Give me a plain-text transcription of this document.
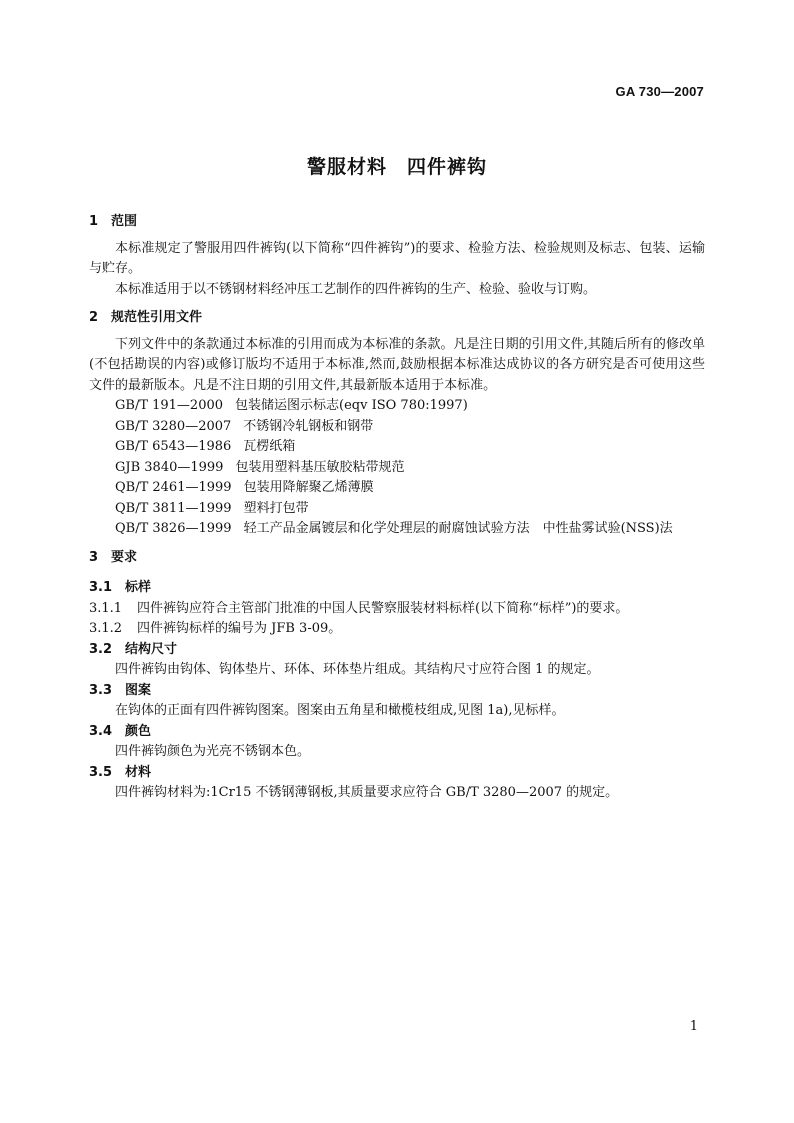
GA 730—2007
警服材料　四件裤钩
1 范围
本标准规定了警服用四件裤钩(以下简称“四件裤钩”)的要求、检验方法、检验规则及标志、包装、运输与贮存。
本标准适用于以不锈钢材料经冲压工艺制作的四件裤钩的生产、检验、验收与订购。
2 规范性引用文件
下列文件中的条款通过本标准的引用而成为本标准的条款。凡是注日期的引用文件,其随后所有的修改单(不包括勘误的内容)或修订版均不适用于本标准,然而,鼓励根据本标准达成协议的各方研究是否可使用这些文件的最新版本。凡是不注日期的引用文件,其最新版本适用于本标准。
GB/T 191—2000 包装储运图示标志(eqv ISO 780:1997)
GB/T 3280—2007 不锈钢冷轧钢板和钢带
GB/T 6543—1986 瓦楞纸箱
GJB 3840—1999 包装用塑料基压敏胶粘带规范
QB/T 2461—1999 包装用降解聚乙烯薄膜
QB/T 3811—1999 塑料打包带
QB/T 3826—1999 轻工产品金属镀层和化学处理层的耐腐蚀试验方法　中性盐雾试验(NSS)法
3 要求
3.1 标样
3.1.1 四件裤钩应符合主管部门批准的中国人民警察服装材料标样(以下简称“标样”)的要求。
3.1.2 四件裤钩标样的编号为 JFB 3-09。
3.2 结构尺寸
四件裤钩由钩体、钩体垫片、环体、环体垫片组成。其结构尺寸应符合图 1 的规定。
3.3 图案
在钩体的正面有四件裤钩图案。图案由五角星和橄榄枝组成,见图 1a),见标样。
3.4 颜色
四件裤钩颜色为光亮不锈钢本色。
3.5 材料
四件裤钩材料为:1Cr15 不锈钢薄钢板,其质量要求应符合 GB/T 3280—2007 的规定。
1
